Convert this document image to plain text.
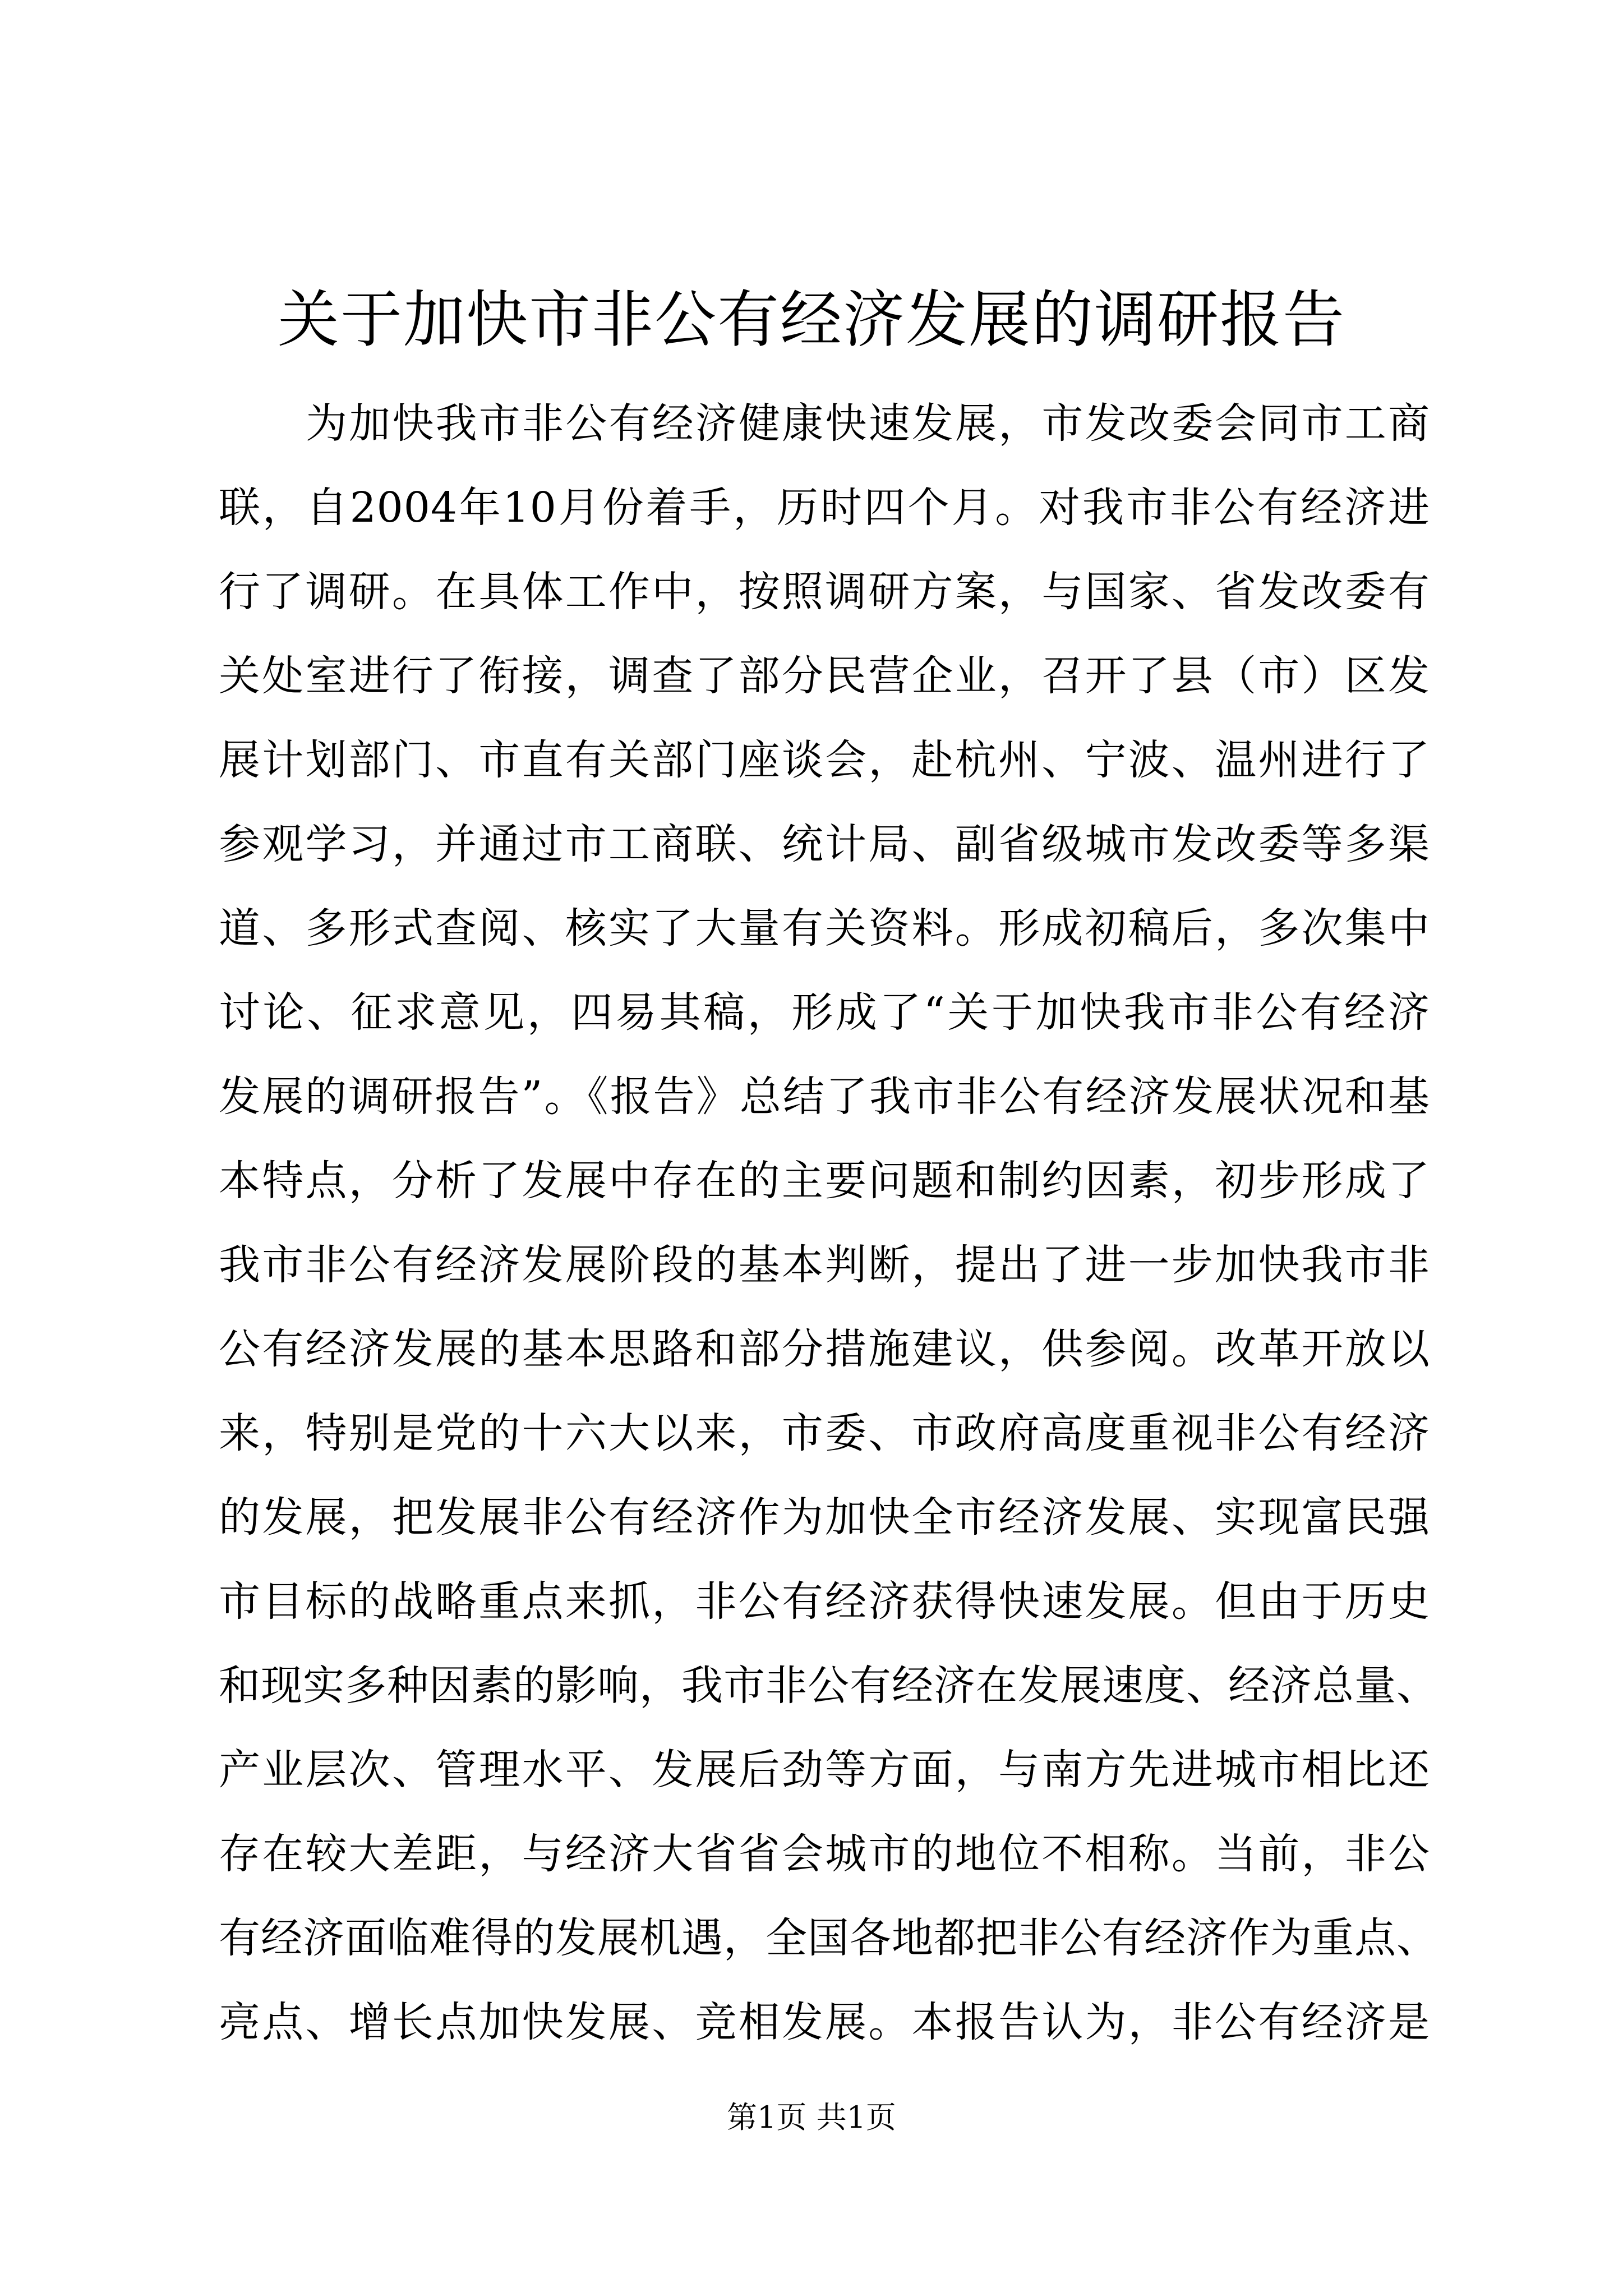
关于加快市非公有经济发展的调研报告
为加快我市非公有经济健康快速发展，市发改委会同市工商
联，自2004年10月份着手，历时四个月。对我市非公有经济进
行了调研。在具体工作中，按照调研方案，与国家、省发改委有
关处室进行了衔接，调查了部分民营企业，召开了县（市）区发
展计划部门、市直有关部门座谈会，赴杭州、宁波、温州进行了
参观学习，并通过市工商联、统计局、副省级城市发改委等多渠
道、多形式查阅、核实了大量有关资料。形成初稿后，多次集中
讨论、征求意见，四易其稿，形成了“关于加快我市非公有经济
发展的调研报告”。《报告》总结了我市非公有经济发展状况和基
本特点，分析了发展中存在的主要问题和制约因素，初步形成了
我市非公有经济发展阶段的基本判断，提出了进一步加快我市非
公有经济发展的基本思路和部分措施建议，供参阅。改革开放以
来，特别是党的十六大以来，市委、市政府高度重视非公有经济
的发展，把发展非公有经济作为加快全市经济发展、实现富民强
市目标的战略重点来抓，非公有经济获得快速发展。但由于历史
和现实多种因素的影响，我市非公有经济在发展速度、经济总量、
产业层次、管理水平、发展后劲等方面，与南方先进城市相比还
存在较大差距，与经济大省省会城市的地位不相称。当前，非公
有经济面临难得的发展机遇，全国各地都把非公有经济作为重点、
亮点、增长点加快发展、竞相发展。本报告认为，非公有经济是
第1页 共1页
